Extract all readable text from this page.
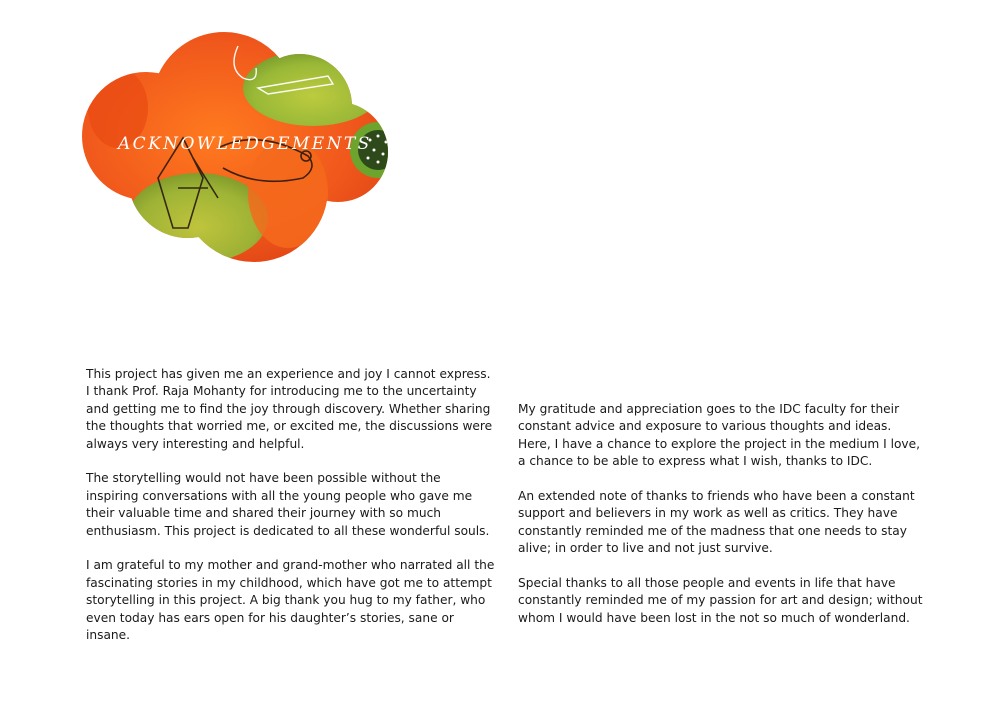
ACKNOWLEDGEMENTS

This project has given me an experience and joy I cannot express. I thank Prof. Raja Mohanty for introducing me to the uncertainty and getting me to find the joy through discovery. Whether sharing the thoughts that worried me, or excited me, the discussions were always very interesting and helpful.

The storytelling would not have been possible without the inspiring conversations with all the young people who gave me their valuable time and shared their journey with so much enthusiasm. This project is dedicated to all these wonderful souls.

I am grateful to my mother and grand-mother who narrated all the fascinating stories in my childhood, which have got me to attempt storytelling in this project. A big thank you hug to my father, who even today has ears open for his daughter’s stories, sane or insane.

My gratitude and appreciation goes to the IDC faculty for their constant advice and exposure to various thoughts and ideas. Here, I have a chance to explore the project in the medium I love, a chance to be able to express what I wish, thanks to IDC.

An extended note of thanks to friends who have been a constant support and believers in my work as well as critics. They have constantly reminded me of the madness that one needs to stay alive; in order to live and not just survive.

Special thanks to all those people and events in life that have constantly reminded me of my passion for art and design; without whom I would have been lost in the not so much of wonderland.
